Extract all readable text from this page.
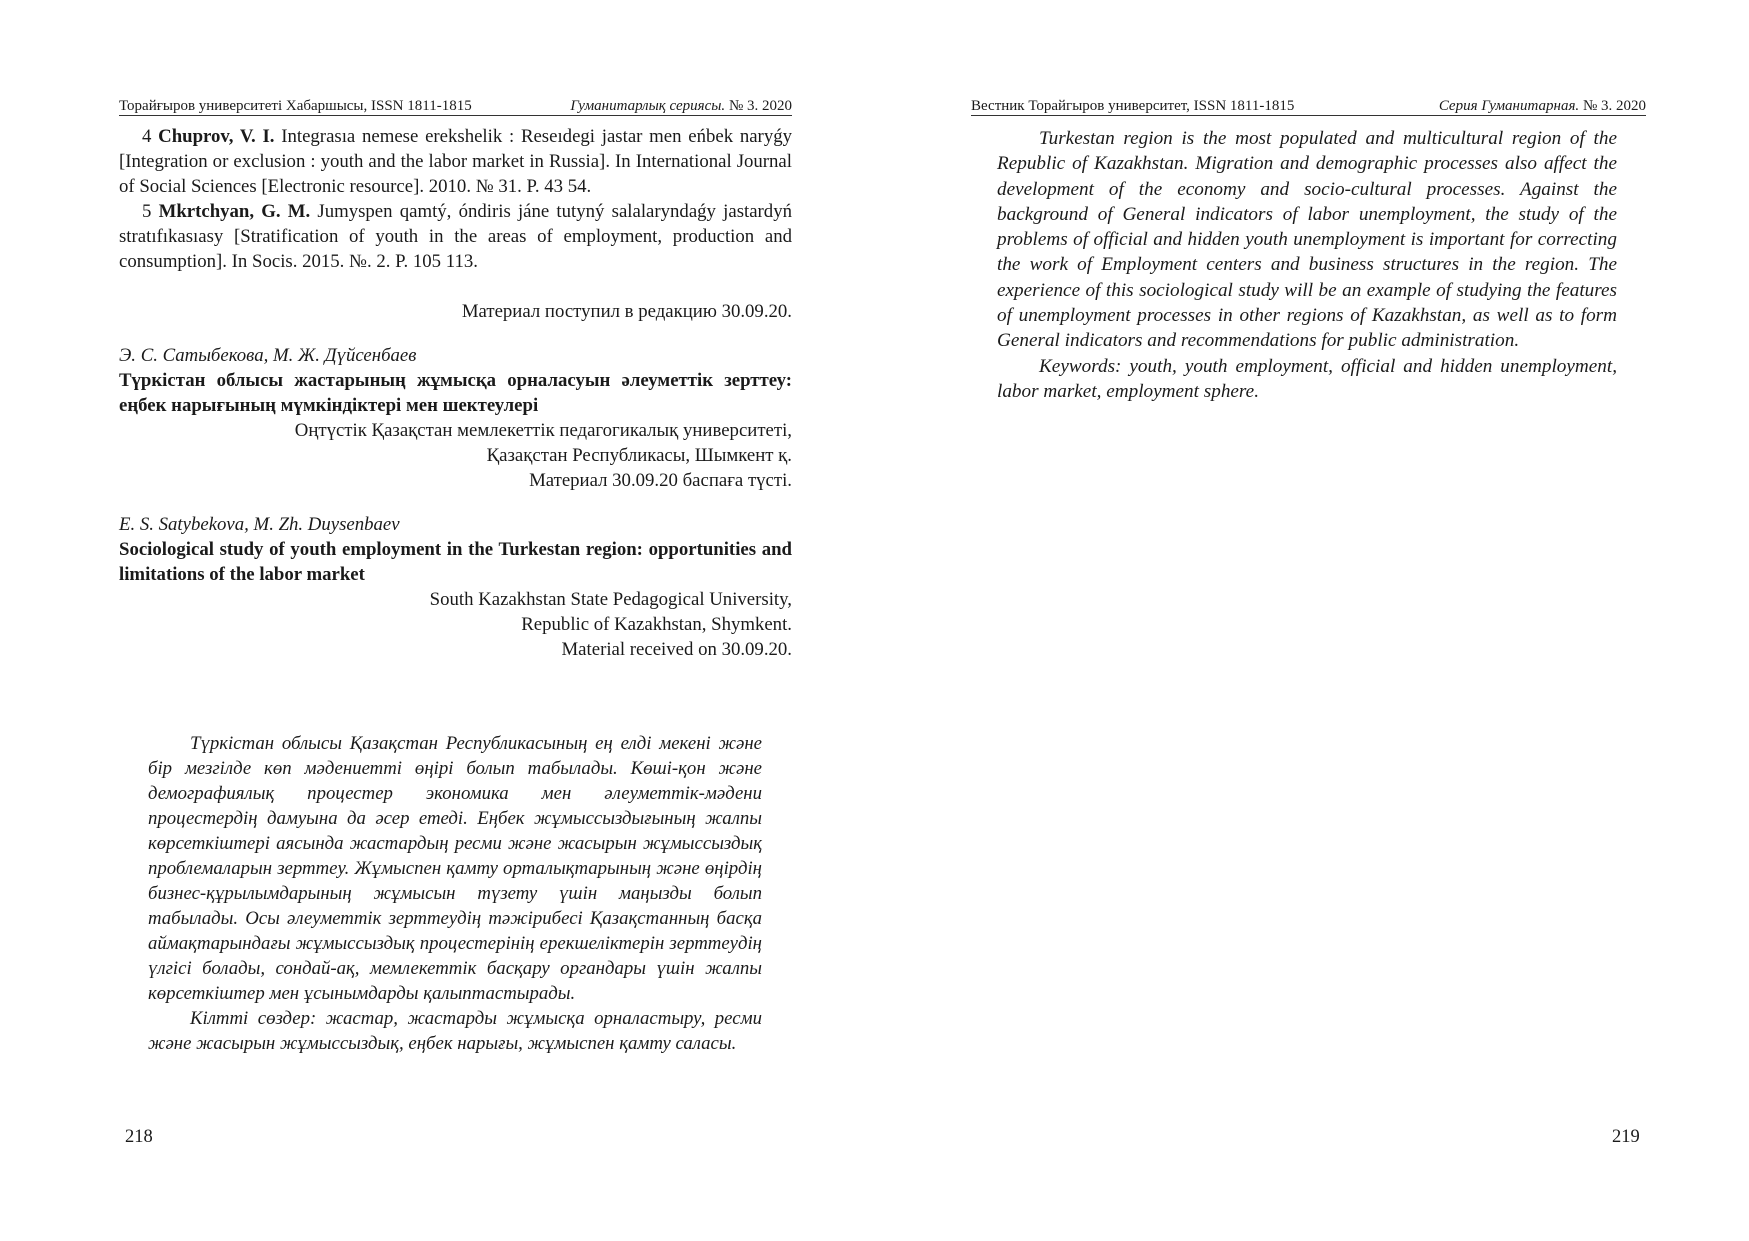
Торайғыров университеті Хабаршысы, ISSN 1811-1815	Гуманитарлық сериясы. № 3. 2020

4 Chuprov, V. I. Integrasıa nemese erekshelik : Reseıdegi jastar men eńbek naryǵy [Integration or exclusion : youth and the labor market in Russia]. In International Journal of Social Sciences [Electronic resource]. 2010. № 31. P. 43 54.

5 Mkrtchyan, G. M. Jumyspen qamtý, óndiris jáne tutyný salalaryndaǵy jastardyń stratıfıkasıasy [Stratification of youth in the areas of employment, production and consumption]. In Socis. 2015. №. 2. P. 105 113.

Материал поступил в редакцию 30.09.20.

Э. С. Сатыбекова, М. Ж. Дүйсенбаев

Түркістан облысы жастарының жұмысқа орналасуын әлеуметтік зерттеу: еңбек нарығының мүмкіндіктері мен шектеулері

Оңтүстік Қазақстан мемлекеттік педагогикалық университеті,

Қазақстан Республикасы, Шымкент қ.

Материал 30.09.20 баспаға түсті.

E. S. Satybekova, M. Zh. Duysenbaev

Sociological study of youth employment in the Turkestan region: opportunities and limitations of the labor market

South Kazakhstan State Pedagogical University,

Republic of Kazakhstan, Shymkent.

Material received on 30.09.20.

Түркістан облысы Қазақстан Республикасының ең елді мекені және бір мезгілде көп мәдениетті өңірі болып табылады. Көші-қон және демографиялық процестер экономика мен әлеуметтік-мәдени процестердің дамуына да әсер етеді. Еңбек жұмыссыздығының жалпы көрсеткіштері аясында жастардың ресми және жасырын жұмыссыздық проблемаларын зерттеу. Жұмыспен қамту орталықтарының және өңірдің бизнес-құрылымдарының жұмысын түзету үшін маңызды болып табылады. Осы әлеуметтік зерттеудің тәжірибесі Қазақстанның басқа аймақтарындағы жұмыссыздық процестерінің ерекшеліктерін зерттеудің үлгісі болады, сондай-ақ, мемлекеттік басқару органдары үшін жалпы көрсеткіштер мен ұсынымдарды қалыптастырады.

Кілтті сөздер: жастар, жастарды жұмысқа орналастыру, ресми және жасырын жұмыссыздық, еңбек нарығы, жұмыспен қамту саласы.

218
Вестник Торайгыров университет, ISSN 1811-1815	Серия Гуманитарная. № 3. 2020

Turkestan region is the most populated and multicultural region of the Republic of Kazakhstan. Migration and demographic processes also affect the development of the economy and socio-cultural processes. Against the background of General indicators of labor unemployment, the study of the problems of official and hidden youth unemployment is important for correcting the work of Employment centers and business structures in the region. The experience of this sociological study will be an example of studying the features of unemployment processes in other regions of Kazakhstan, as well as to form General indicators and recommendations for public administration.

Keywords: youth, youth employment, official and hidden unemployment, labor market, employment sphere.

219
